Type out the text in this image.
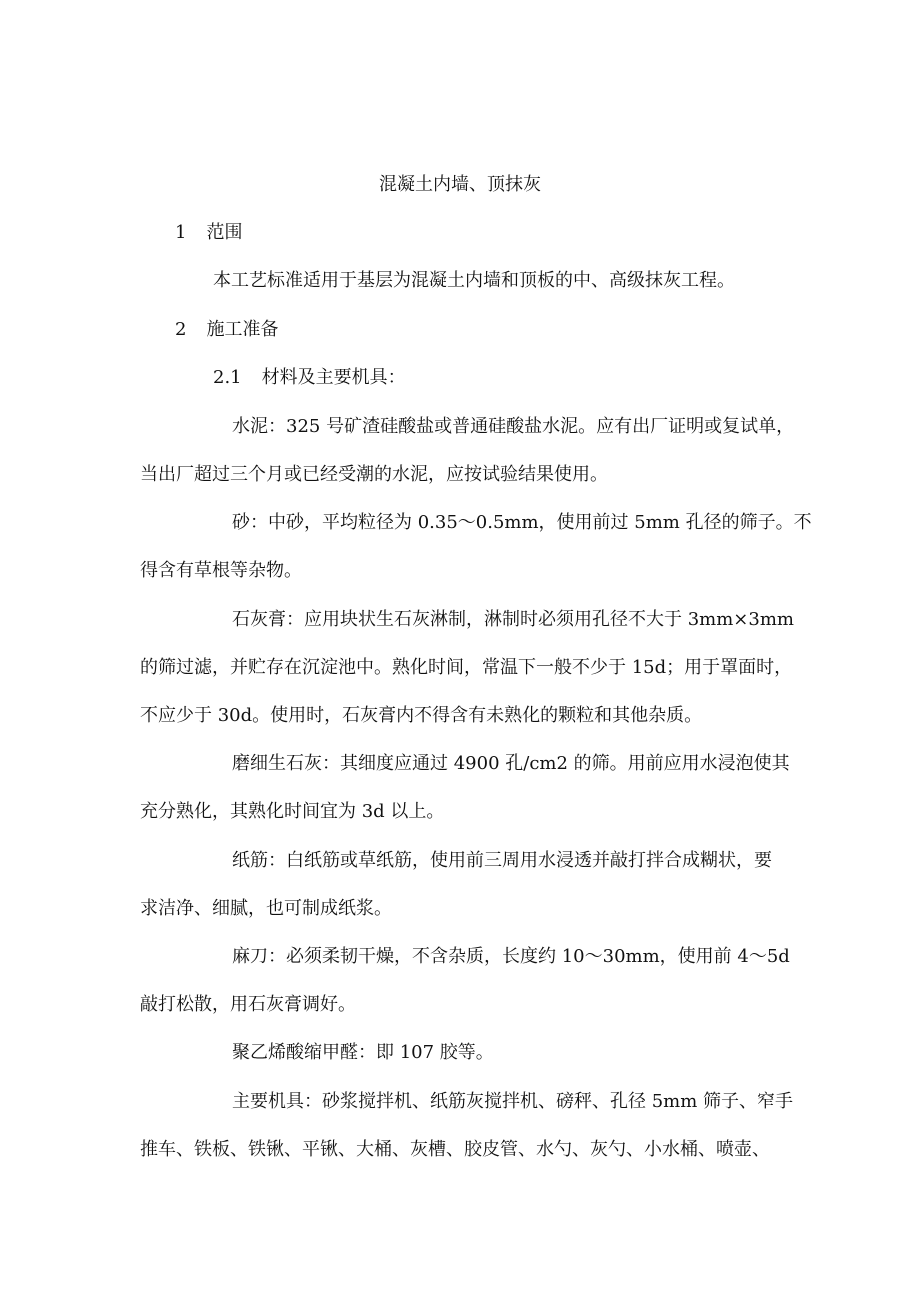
混凝土内墙、顶抹灰
1 范围
本工艺标准适用于基层为混凝土内墙和顶板的中、高级抹灰工程。
2 施工准备
2.1 材料及主要机具：
水泥：325 号矿渣硅酸盐或普通硅酸盐水泥。应有出厂证明或复试单，
当出厂超过三个月或已经受潮的水泥，应按试验结果使用。
砂：中砂，平均粒径为 0.35～0.5mm，使用前过 5mm 孔径的筛子。不
得含有草根等杂物。
石灰膏：应用块状生石灰淋制，淋制时必须用孔径不大于 3mm×3mm
的筛过滤，并贮存在沉淀池中。熟化时间，常温下一般不少于 15d；用于罩面时，
不应少于 30d。使用时，石灰膏内不得含有未熟化的颗粒和其他杂质。
磨细生石灰：其细度应通过 4900 孔/cm2 的筛。用前应用水浸泡使其
充分熟化，其熟化时间宜为 3d 以上。
纸筋：白纸筋或草纸筋，使用前三周用水浸透并敲打拌合成糊状，要
求洁净、细腻，也可制成纸浆。
麻刀：必须柔韧干燥，不含杂质，长度约 10～30mm，使用前 4～5d
敲打松散，用石灰膏调好。
聚乙烯酸缩甲醛：即 107 胶等。
主要机具：砂浆搅拌机、纸筋灰搅拌机、磅秤、孔径 5mm 筛子、窄手
推车、铁板、铁锹、平锹、大桶、灰槽、胶皮管、水勺、灰勺、小水桶、喷壶、
